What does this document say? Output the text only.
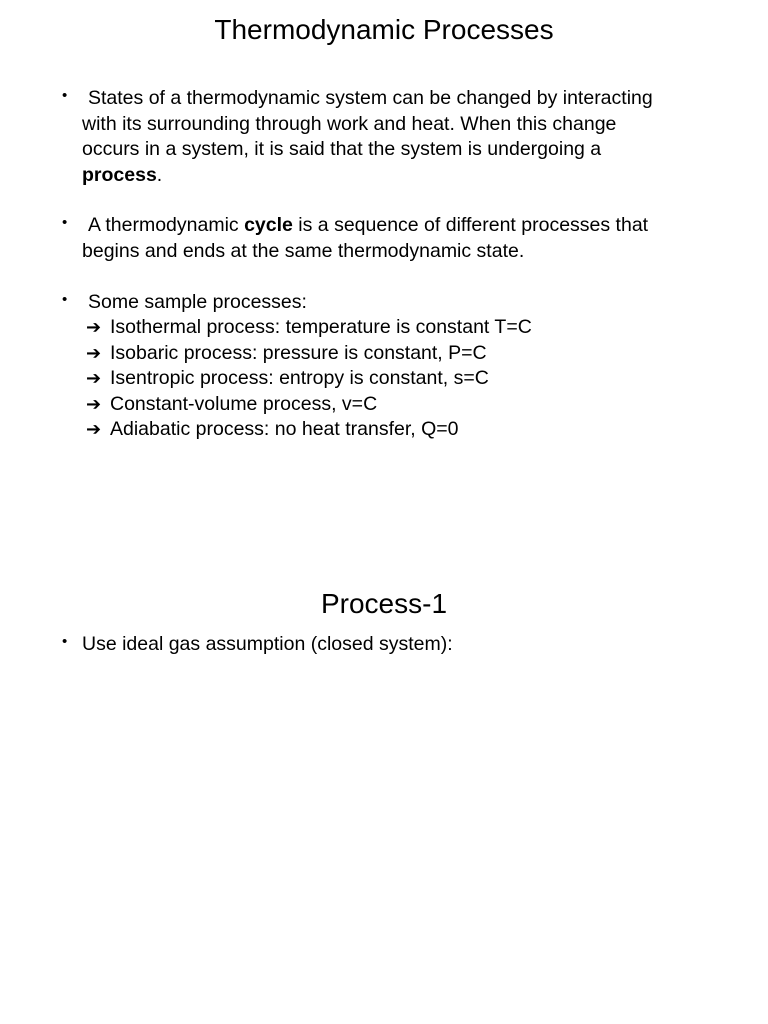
Thermodynamic Processes
•	States of a thermodynamic system can be changed by interacting
with its surrounding through work and heat. When this change
occurs in a system, it is said that the system is undergoing a
process.
•	A thermodynamic cycle is a sequence of different processes that
begins and ends at the same thermodynamic state.
•	Some sample processes:
➔ Isothermal process: temperature is constant T=C
➔ Isobaric process: pressure is constant, P=C
➔ Isentropic process: entropy is constant, s=C
➔ Constant-volume process, v=C
➔ Adiabatic process: no heat transfer, Q=0
Process-1
• Use ideal gas assumption (closed system):
